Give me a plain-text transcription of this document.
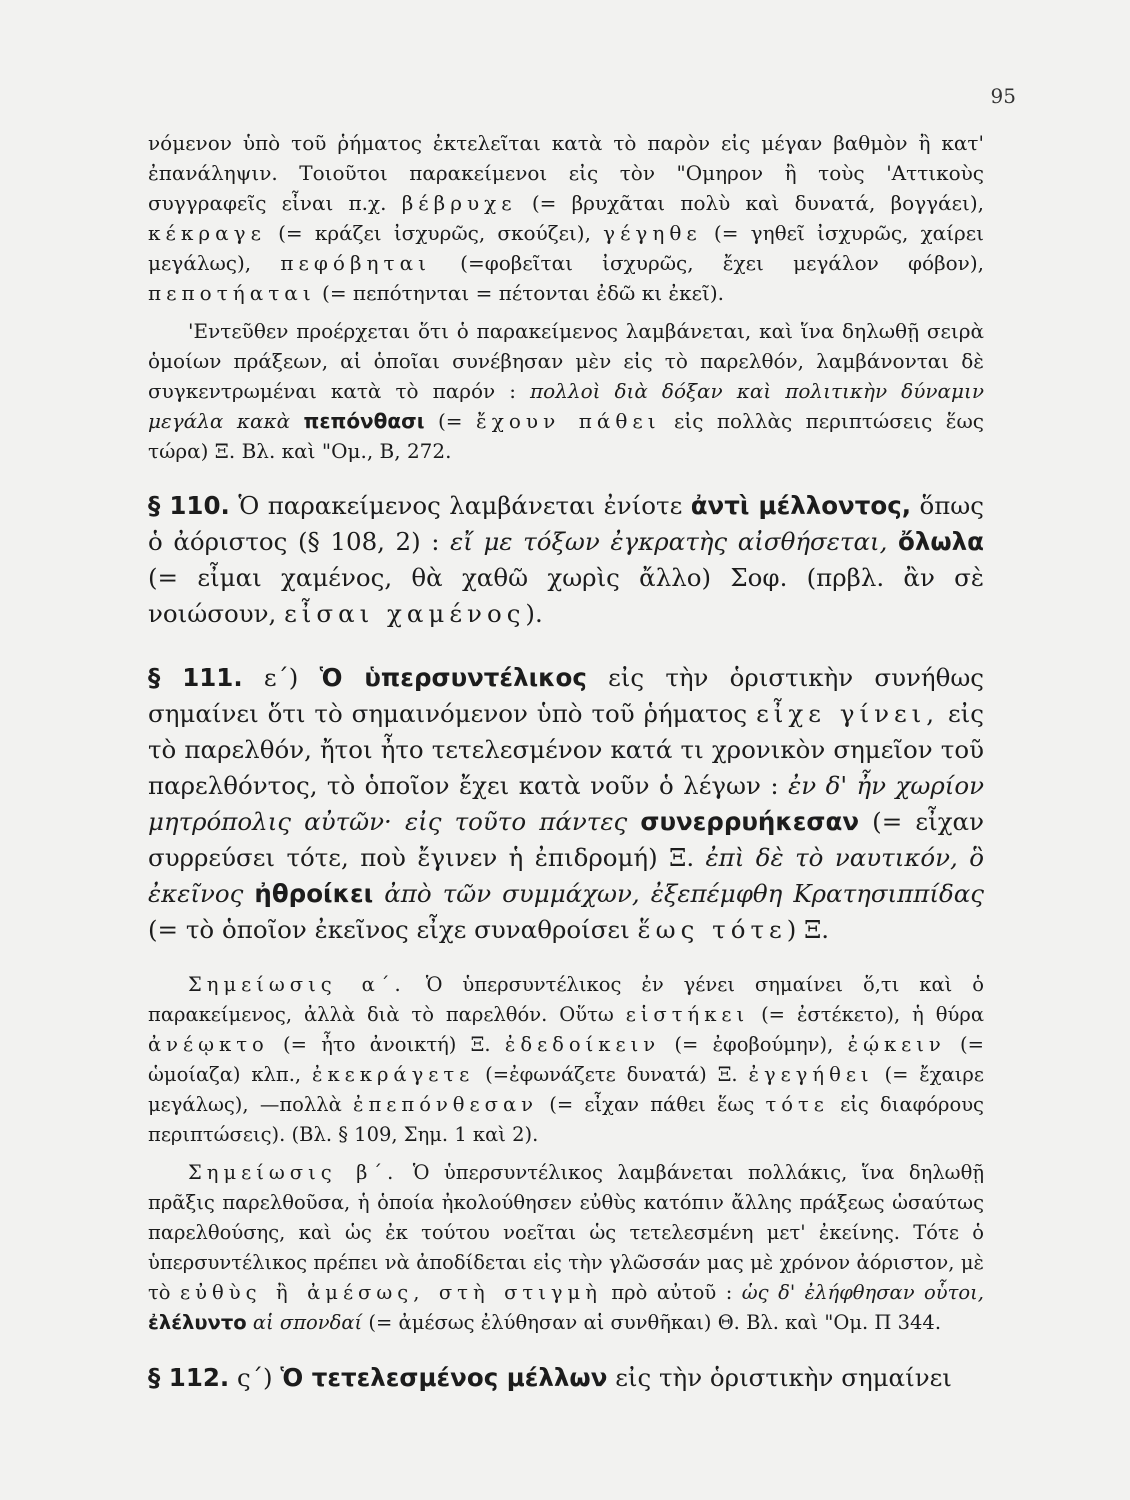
95

νόμενον ὑπὸ τοῦ ῥήματος ἐκτελεῖται κατὰ τὸ παρὸν εἰς μέγαν βαθμὸν ἢ κατ' ἐπανάληψιν. Τοιοῦτοι παρακείμενοι εἰς τὸν "Ομηρον ἢ τοὺς 'Αττικοὺς συγγραφεῖς εἶναι π.χ. βέβρυχε (= βρυχᾶται πολὺ καὶ δυνατά, βογγάει), κέκραγε (= κράζει ἰσχυρῶς, σκούζει), γέγηθε (= γηθεῖ ἰσχυρῶς, χαίρει μεγάλως), πεφόβηται (=φοβεῖται ἰσχυρῶς, ἔχει μεγάλον φόβον), πεποτήαται (= πεπότηνται = πέτονται ἐδῶ κι ἐκεῖ).

'Εντεῦθεν προέρχεται ὅτι ὁ παρακείμενος λαμβάνεται, καὶ ἵνα δηλωθῇ σειρὰ ὁμοίων πράξεων, αἱ ὁποῖαι συνέβησαν μὲν εἰς τὸ παρελθόν, λαμβάνονται δὲ συγκεντρωμέναι κατὰ τὸ παρόν : πολλοὶ διὰ δόξαν καὶ πολιτικὴν δύναμιν μεγάλα κακὰ πεπόνθασι (= ἔχουν πάθει εἰς πολλὰς περιπτώσεις ἕως τώρα) Ξ. Βλ. καὶ "Ομ., Β, 272.

§ 110. Ὁ παρακείμενος λαμβάνεται ἐνίοτε ἀντὶ μέλλοντος, ὅπως ὁ ἀόριστος (§ 108, 2) : εἴ με τόξων ἐγκρατὴς αἰσθήσεται, ὄλωλα (= εἶμαι χαμένος, θὰ χαθῶ χωρὶς ἄλλο) Σοφ. (πρβλ. ἂν σὲ νοιώσουν, εἶσαι χαμένος).

§ 111. ε΄) Ὁ ὑπερσυντέλικος εἰς τὴν ὁριστικὴν συνήθως σημαίνει ὅτι τὸ σημαινόμενον ὑπὸ τοῦ ῥήματος εἶχε γίνει, εἰς τὸ παρελθόν, ἤτοι ἦτο τετελεσμένον κατά τι χρονικὸν σημεῖον τοῦ παρελθόντος, τὸ ὁποῖον ἔχει κατὰ νοῦν ὁ λέγων : ἐν δ' ἦν χωρίον μητρόπολις αὐτῶν· εἰς τοῦτο πάντες συνερρυήκεσαν (= εἶχαν συρρεύσει τότε, ποὺ ἔγινεν ἡ ἐπιδρομή) Ξ. ἐπὶ δὲ τὸ ναυτικόν, ὃ ἐκεῖνος ἠθροίκει ἀπὸ τῶν συμμάχων, ἐξεπέμφθη Κρατησιππίδας (= τὸ ὁποῖον ἐκεῖνος εἶχε συναθροίσει ἕως τότε) Ξ.

Σημείωσις α΄. Ὁ ὑπερσυντέλικος ἐν γένει σημαίνει ὅ,τι καὶ ὁ παρακείμενος, ἀλλὰ διὰ τὸ παρελθόν. Οὕτω εἱστήκει (= ἐστέκετο), ἡ θύρα ἀνέῳκτο (= ἦτο ἀνοικτή) Ξ. ἐδεδοίκειν (= ἐφοβούμην), ἐῴκειν (= ὡμοίαζα) κλπ., ἐκεκράγετε (=ἐφωνάζετε δυνατά) Ξ. ἐγεγήθει (= ἔχαιρε μεγάλως), —πολλὰ ἐπεπόνθεσαν (= εἶχαν πάθει ἕως τότε εἰς διαφόρους περιπτώσεις). (Βλ. § 109, Σημ. 1 καὶ 2).

Σημείωσις β΄. Ὁ ὑπερσυντέλικος λαμβάνεται πολλάκις, ἵνα δηλωθῇ πρᾶξις παρελθοῦσα, ἡ ὁποία ἠκολούθησεν εὐθὺς κατόπιν ἄλλης πράξεως ὡσαύτως παρελθούσης, καὶ ὡς ἐκ τούτου νοεῖται ὡς τετελεσμένη μετ' ἐκείνης. Τότε ὁ ὑπερσυντέλικος πρέπει νὰ ἀποδίδεται εἰς τὴν γλῶσσάν μας μὲ χρόνον ἀόριστον, μὲ τὸ εὐθὺς ἢ ἀμέσως, στὴ στιγμὴ πρὸ αὐτοῦ : ὡς δ' ἐλήφθησαν οὗτοι, ἐλέλυντο αἱ σπονδαί (= ἀμέσως ἐλύθησαν αἱ συνθῆκαι) Θ. Βλ. καὶ "Ομ. Π 344.

§ 112. ς΄) Ὁ τετελεσμένος μέλλων εἰς τὴν ὁριστικὴν σημαίνει
